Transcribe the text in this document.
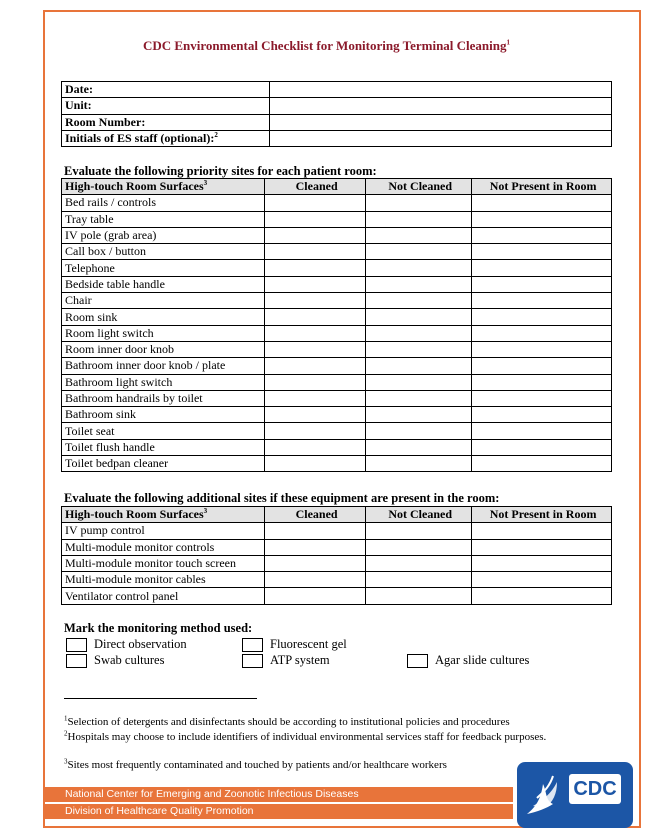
CDC Environmental Checklist for Monitoring Terminal Cleaning$^1$
Date:	
Unit:	
Room Number:	
Initials of ES staff (optional):$^2$	
Evaluate the following priority sites for each patient room:
High-touch Room Surfaces$^3$	Cleaned	Not Cleaned	Not Present in Room
Bed rails / controls			
Tray table			
IV pole (grab area)			
Call box / button			
Telephone			
Bedside table handle			
Chair			
Room sink			
Room light switch			
Room inner door knob			
Bathroom inner door knob / plate			
Bathroom light switch			
Bathroom handrails by toilet			
Bathroom sink			
Toilet seat			
Toilet flush handle			
Toilet bedpan cleaner			
Evaluate the following additional sites if these equipment are present in the room:
High-touch Room Surfaces$^3$	Cleaned	Not Cleaned	Not Present in Room
IV pump control			
Multi-module monitor controls			
Multi-module monitor touch screen			
Multi-module monitor cables			
Ventilator control panel			
Mark the monitoring method used:
Direct observation	Fluorescent gel
Swab cultures	ATP system	Agar slide cultures
$^1$Selection of detergents and disinfectants should be according to institutional policies and procedures
$^2$Hospitals may choose to include identifiers of individual environmental services staff for feedback purposes.
$^3$Sites most frequently contaminated and touched by patients and/or healthcare workers
National Center for Emerging and Zoonotic Infectious Diseases
Division of Healthcare Quality Promotion
CDC
